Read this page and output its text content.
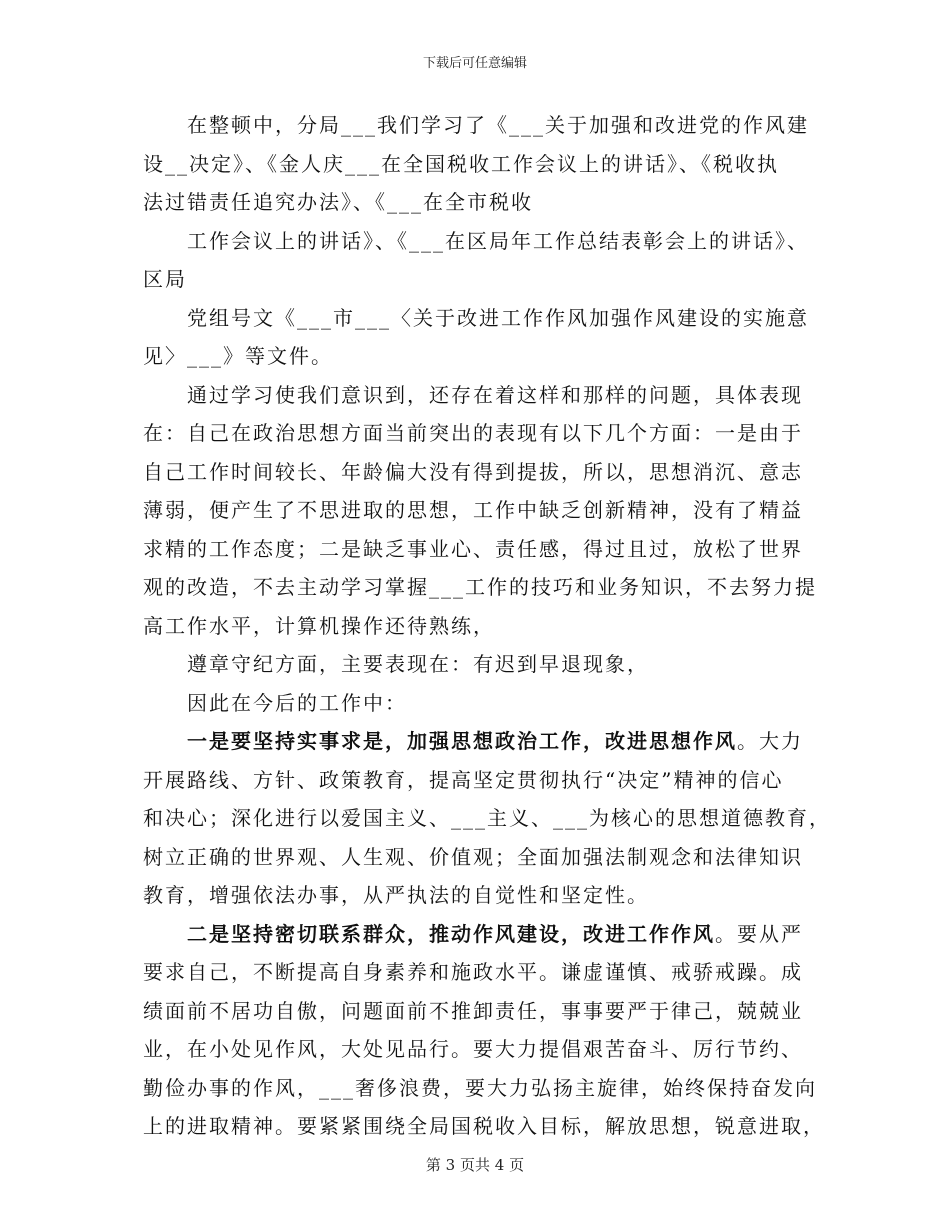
下载后可任意编辑
在整顿中，分局___我们学习了《___关于加强和改进党的作风建
设__决定》、《金人庆___在全国税收工作会议上的讲话》、《税收执
法过错责任追究办法》、《___在全市税收
工作会议上的讲话》、《___在区局年工作总结表彰会上的讲话》、
区局
党组号文《___市___〈关于改进工作作风加强作风建设的实施意
见〉___》等文件。
通过学习使我们意识到，还存在着这样和那样的问题，具体表现
在：自己在政治思想方面当前突出的表现有以下几个方面：一是由于
自己工作时间较长、年龄偏大没有得到提拔，所以，思想消沉、意志
薄弱，便产生了不思进取的思想，工作中缺乏创新精神，没有了精益
求精的工作态度；二是缺乏事业心、责任感，得过且过，放松了世界
观的改造，不去主动学习掌握___工作的技巧和业务知识，不去努力提
高工作水平，计算机操作还待熟练，
遵章守纪方面，主要表现在：有迟到早退现象，
因此在今后的工作中：
一是要坚持实事求是，加强思想政治工作，改进思想作风。大力
开展路线、方针、政策教育，提高坚定贯彻执行“决定”精神的信心
和决心；深化进行以爱国主义、___主义、___为核心的思想道德教育，
树立正确的世界观、人生观、价值观；全面加强法制观念和法律知识
教育，增强依法办事，从严执法的自觉性和坚定性。
二是坚持密切联系群众，推动作风建设，改进工作作风。要从严
要求自己，不断提高自身素养和施政水平。谦虚谨慎、戒骄戒躁。成
绩面前不居功自傲，问题面前不推卸责任，事事要严于律己，兢兢业
业，在小处见作风，大处见品行。要大力提倡艰苦奋斗、厉行节约、
勤俭办事的作风，___奢侈浪费，要大力弘扬主旋律，始终保持奋发向
上的进取精神。要紧紧围绕全局国税收入目标，解放思想，锐意进取，
第 3 页共 4 页
